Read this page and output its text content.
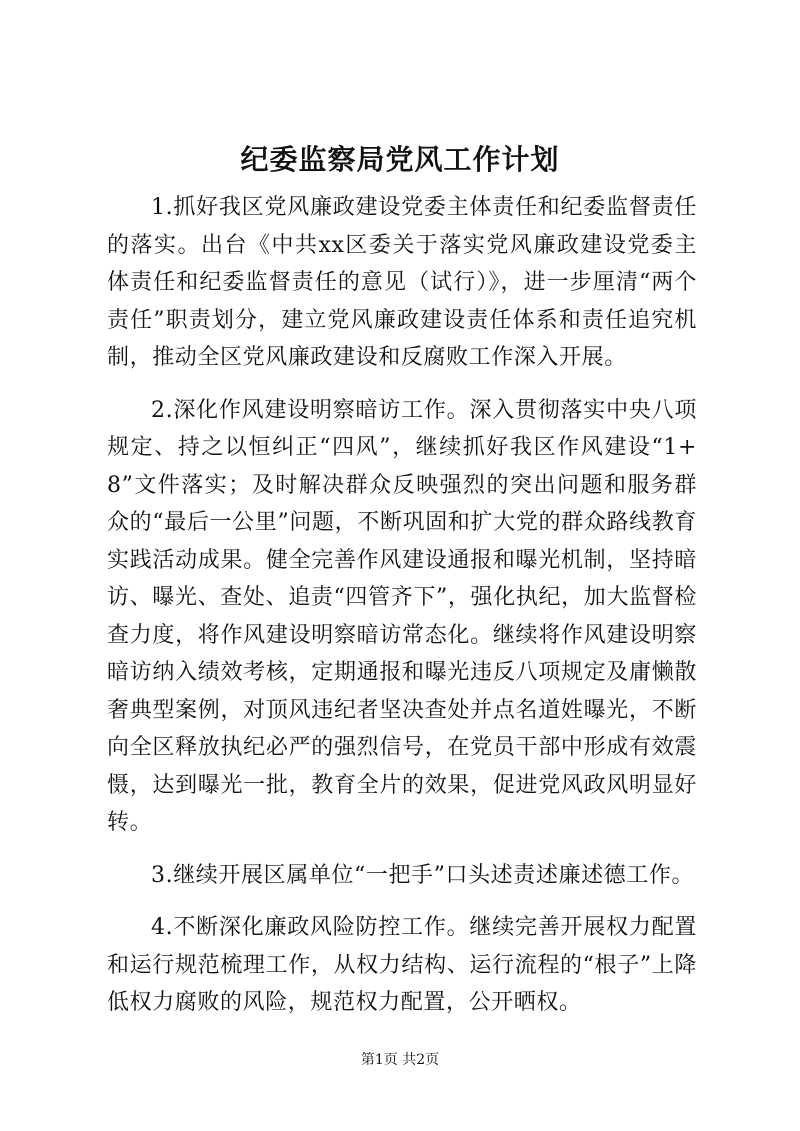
纪委监察局党风工作计划

1.抓好我区党风廉政建设党委主体责任和纪委监督责任的落实。出台《中共xx区委关于落实党风廉政建设党委主体责任和纪委监督责任的意见（试行）》，进一步厘清“两个责任”职责划分，建立党风廉政建设责任体系和责任追究机制，推动全区党风廉政建设和反腐败工作深入开展。

2.深化作风建设明察暗访工作。深入贯彻落实中央八项规定、持之以恒纠正“四风”，继续抓好我区作风建设“1+8”文件落实；及时解决群众反映强烈的突出问题和服务群众的“最后一公里”问题，不断巩固和扩大党的群众路线教育实践活动成果。健全完善作风建设通报和曝光机制，坚持暗访、曝光、查处、追责“四管齐下”，强化执纪，加大监督检查力度，将作风建设明察暗访常态化。继续将作风建设明察暗访纳入绩效考核，定期通报和曝光违反八项规定及庸懒散奢典型案例，对顶风违纪者坚决查处并点名道姓曝光，不断向全区释放执纪必严的强烈信号，在党员干部中形成有效震慑，达到曝光一批，教育全片的效果，促进党风政风明显好转。

3.继续开展区属单位“一把手”口头述责述廉述德工作。

4.不断深化廉政风险防控工作。继续完善开展权力配置和运行规范梳理工作，从权力结构、运行流程的“根子”上降低权力腐败的风险，规范权力配置，公开晒权。

第1页 共2页
